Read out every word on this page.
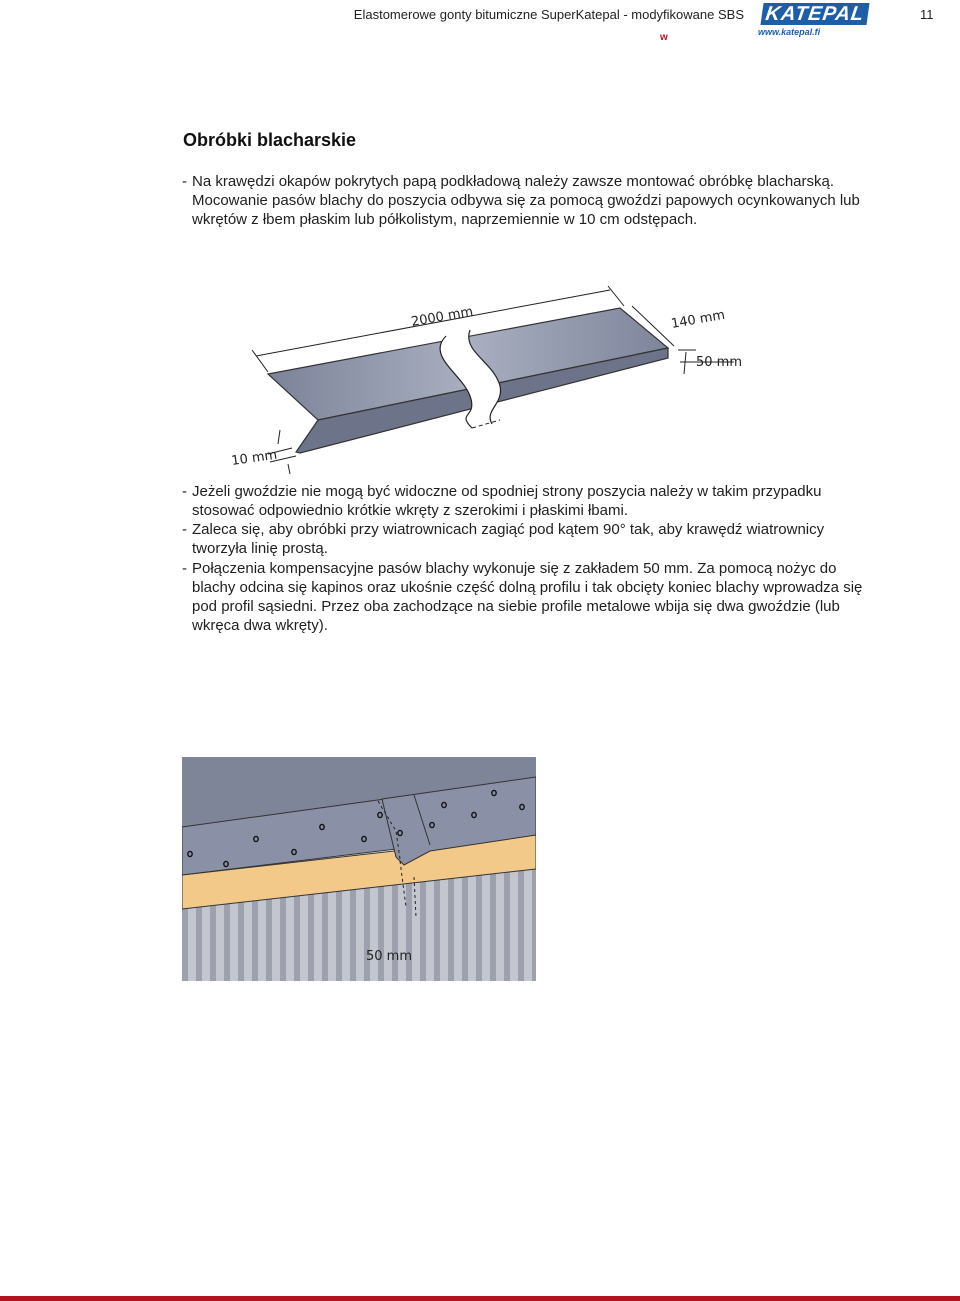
Elastomerowe gonty bitumiczne SuperKatepal - modyfikowane SBS
w
KATEPAL
www.katepal.fi
11
Obróbki blacharskie

- Na krawędzi okapów pokrytych papą podkładową należy zawsze montować obróbkę blacharską. Mocowanie pasów blachy do poszycia odbywa się za pomocą gwoździ papowych ocynkowanych lub wkrętów z łbem płaskim lub półkolistym, naprzemiennie w 10 cm odstępach.

2000 mm	140 mm
50 mm
10 mm

- Jeżeli gwoździe nie mogą być widoczne od spodniej strony poszycia należy w takim przypadku stosować odpowiednio krótkie wkręty z szerokimi i płaskimi łbami.

- Zaleca się, aby obróbki przy wiatrownicach zagiąć pod kątem 90° tak, aby krawędź wiatrownicy tworzyła linię prostą.

- Połączenia kompensacyjne pasów blachy wykonuje się z zakładem 50 mm. Za pomocą nożyc do blachy odcina się kapinos oraz ukośnie część dolną profilu i tak obcięty koniec blachy wprowadza się pod profil sąsiedni. Przez oba zachodzące na siebie profile metalowe wbija się dwa gwoździe (lub wkręca dwa wkręty).

50 mm
